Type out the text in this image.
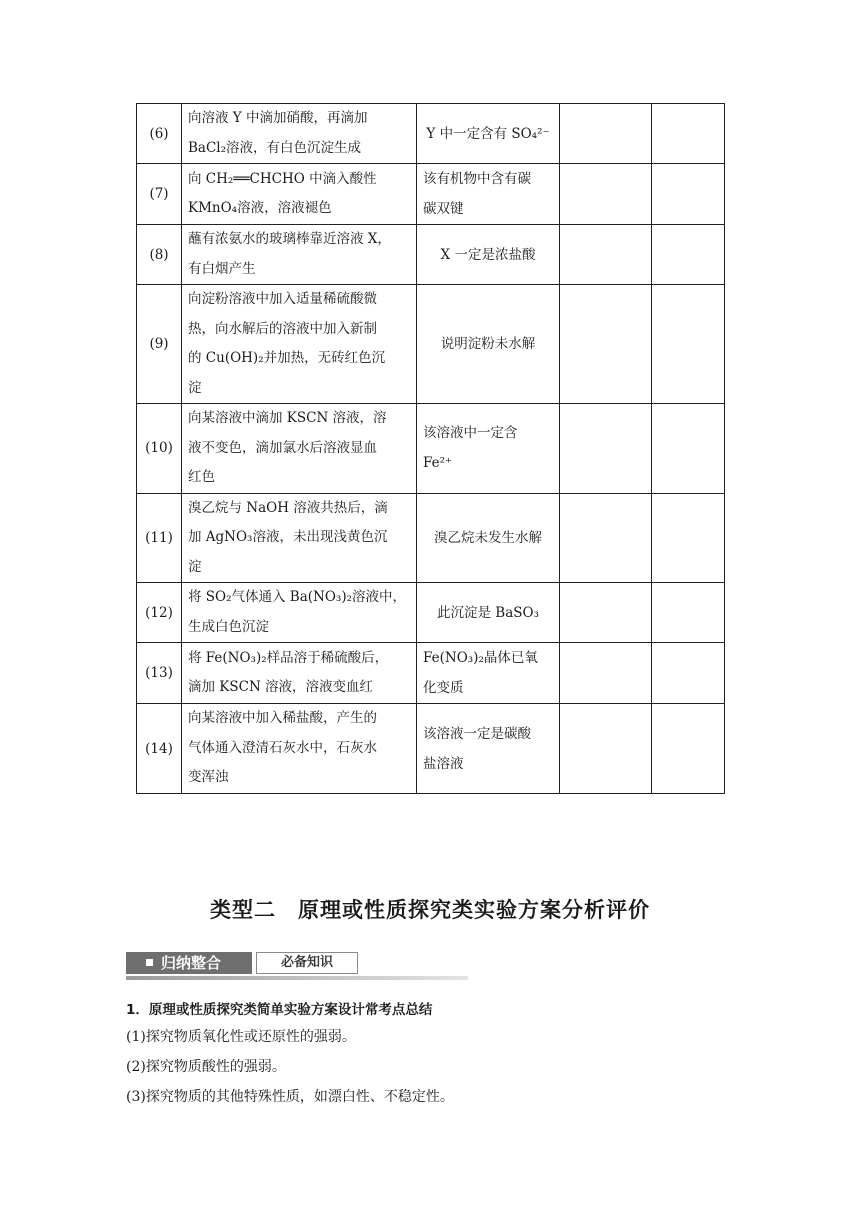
(6)	向溶液 Y 中滴加硝酸，再滴加
BaCl₂溶液，有白色沉淀生成	Y 中一定含有 SO₄²⁻		
(7)	向 CH₂══CHCHO 中滴入酸性
KMnO₄溶液，溶液褪色	该有机物中含有碳
碳双键		
(8)	蘸有浓氨水的玻璃棒靠近溶液 X，
有白烟产生	X 一定是浓盐酸		
(9)	向淀粉溶液中加入适量稀硫酸微
热，向水解后的溶液中加入新制
的 Cu(OH)₂并加热，无砖红色沉
淀	说明淀粉未水解		
(10)	向某溶液中滴加 KSCN 溶液，溶
液不变色，滴加氯水后溶液显血
红色	该溶液中一定含
Fe²⁺		
(11)	溴乙烷与 NaOH 溶液共热后，滴
加 AgNO₃溶液，未出现浅黄色沉
淀	溴乙烷未发生水解		
(12)	将 SO₂气体通入 Ba(NO₃)₂溶液中，
生成白色沉淀	此沉淀是 BaSO₃		
(13)	将 Fe(NO₃)₂样品溶于稀硫酸后，
滴加 KSCN 溶液，溶液变血红	Fe(NO₃)₂晶体已氧
化变质		
(14)	向某溶液中加入稀盐酸，产生的
气体通入澄清石灰水中，石灰水
变浑浊	该溶液一定是碳酸
盐溶液		
类型二　原理或性质探究类实验方案分析评价
归纳整合	必备知识
1．原理或性质探究类简单实验方案设计常考点总结
(1)探究物质氧化性或还原性的强弱。
(2)探究物质酸性的强弱。
(3)探究物质的其他特殊性质，如漂白性、不稳定性。
